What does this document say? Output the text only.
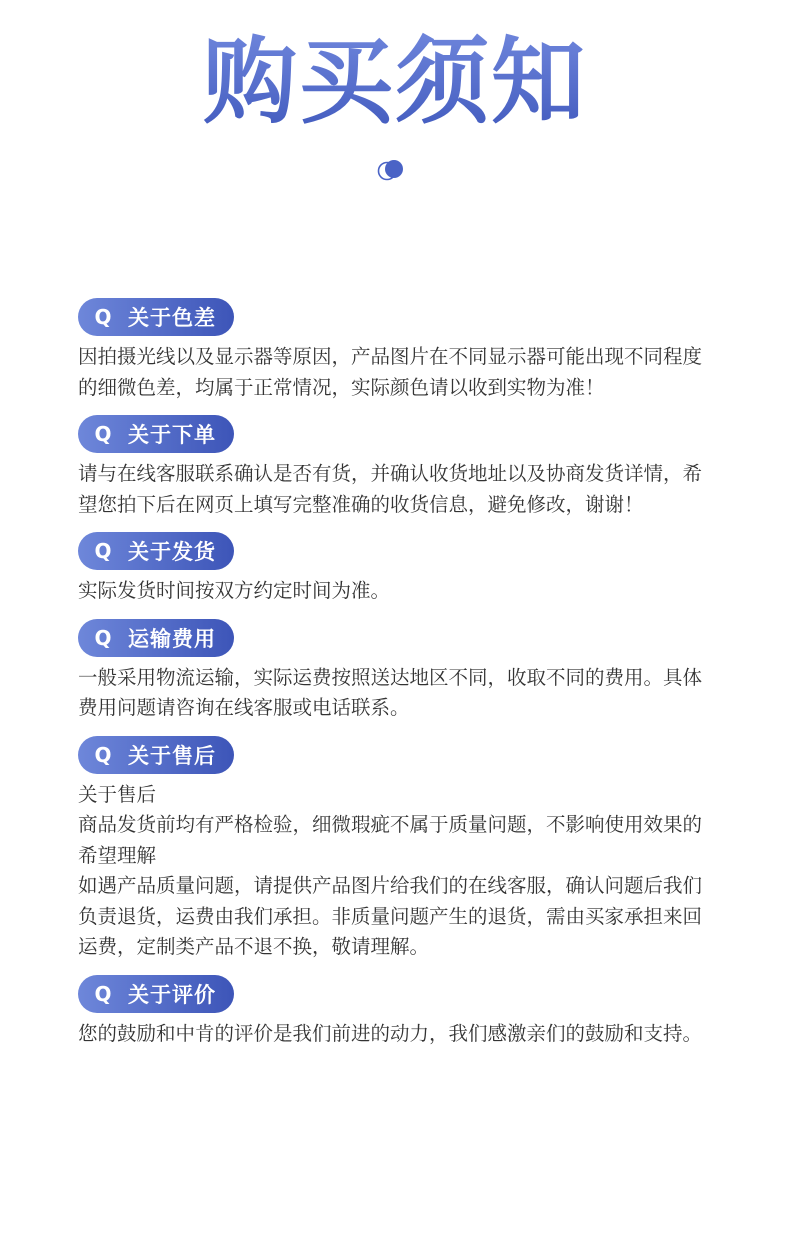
购买须知
Q 关于色差

因拍摄光线以及显示器等原因，产品图片在不同显示器可能出现不同程度的细微色差，均属于正常情况，实际颜色请以收到实物为准！

Q 关于下单

请与在线客服联系确认是否有货，并确认收货地址以及协商发货详情，希望您拍下后在网页上填写完整准确的收货信息，避免修改，谢谢！

Q 关于发货

实际发货时间按双方约定时间为准。

Q 运输费用

一般采用物流运输，实际运费按照送达地区不同，收取不同的费用。具体费用问题请咨询在线客服或电话联系。

Q 关于售后

关于售后

商品发货前均有严格检验，细微瑕疵不属于质量问题，不影响使用效果的希望理解

如遇产品质量问题，请提供产品图片给我们的在线客服，确认问题后我们负责退货，运费由我们承担。非质量问题产生的退货，需由买家承担来回运费，定制类产品不退不换，敬请理解。

Q 关于评价

您的鼓励和中肯的评价是我们前进的动力，我们感激亲们的鼓励和支持。
